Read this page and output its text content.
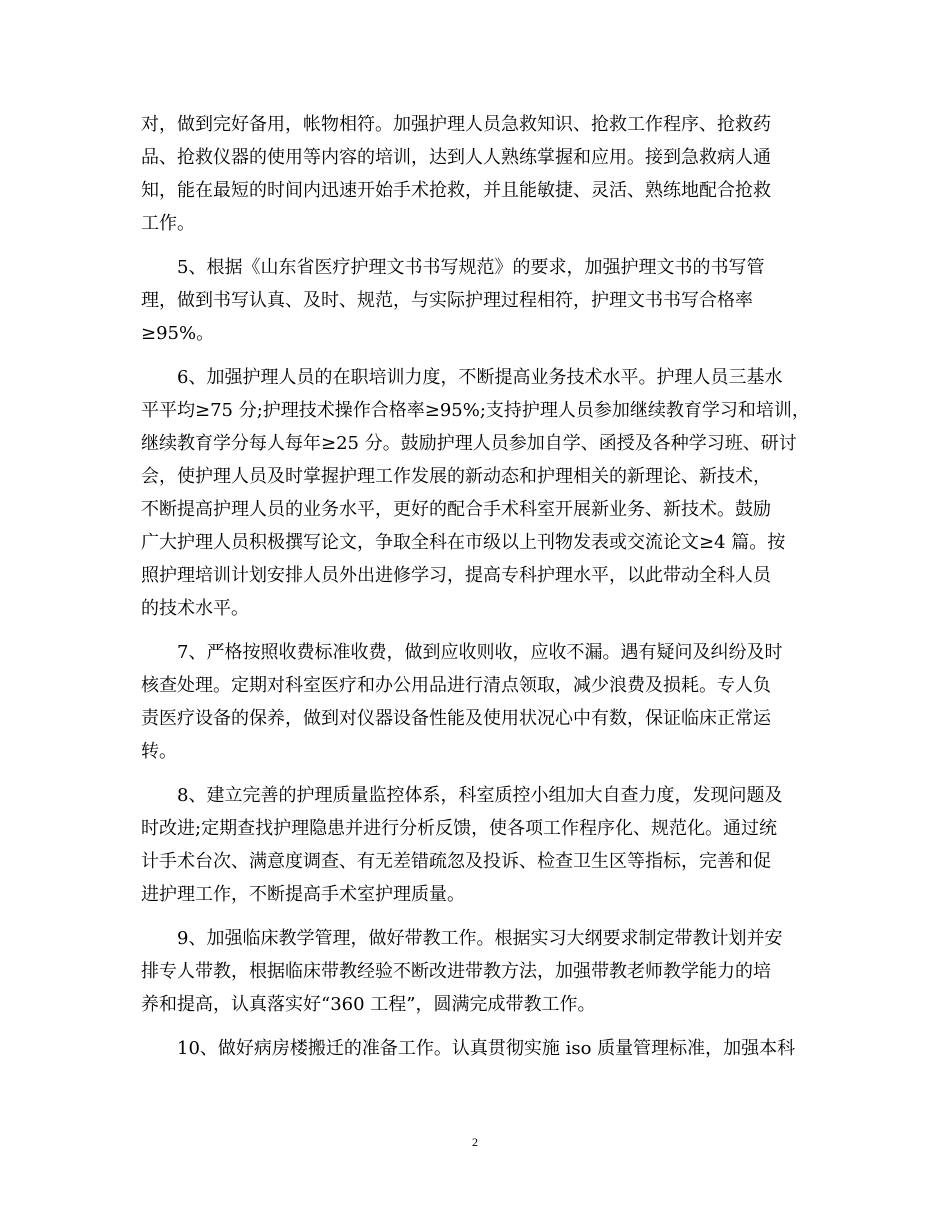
对，做到完好备用，帐物相符。加强护理人员急救知识、抢救工作程序、抢救药
品、抢救仪器的使用等内容的培训，达到人人熟练掌握和应用。接到急救病人通
知，能在最短的时间内迅速开始手术抢救，并且能敏捷、灵活、熟练地配合抢救
工作。
5、根据《山东省医疗护理文书书写规范》的要求，加强护理文书的书写管
理，做到书写认真、及时、规范，与实际护理过程相符，护理文书书写合格率
≥95%。
6、加强护理人员的在职培训力度，不断提高业务技术水平。护理人员三基水
平平均≥75 分;护理技术操作合格率≥95%;支持护理人员参加继续教育学习和培训，
继续教育学分每人每年≥25 分。鼓励护理人员参加自学、函授及各种学习班、研讨
会，使护理人员及时掌握护理工作发展的新动态和护理相关的新理论、新技术，
不断提高护理人员的业务水平，更好的配合手术科室开展新业务、新技术。鼓励
广大护理人员积极撰写论文，争取全科在市级以上刊物发表或交流论文≥4 篇。按
照护理培训计划安排人员外出进修学习，提高专科护理水平，以此带动全科人员
的技术水平。
7、严格按照收费标准收费，做到应收则收，应收不漏。遇有疑问及纠纷及时
核查处理。定期对科室医疗和办公用品进行清点领取，减少浪费及损耗。专人负
责医疗设备的保养，做到对仪器设备性能及使用状况心中有数，保证临床正常运
转。
8、建立完善的护理质量监控体系，科室质控小组加大自查力度，发现问题及
时改进;定期查找护理隐患并进行分析反馈，使各项工作程序化、规范化。通过统
计手术台次、满意度调查、有无差错疏忽及投诉、检查卫生区等指标，完善和促
进护理工作，不断提高手术室护理质量。
9、加强临床教学管理，做好带教工作。根据实习大纲要求制定带教计划并安
排专人带教，根据临床带教经验不断改进带教方法，加强带教老师教学能力的培
养和提高，认真落实好“360 工程”，圆满完成带教工作。
10、做好病房楼搬迁的准备工作。认真贯彻实施 iso 质量管理标准，加强本科
2
